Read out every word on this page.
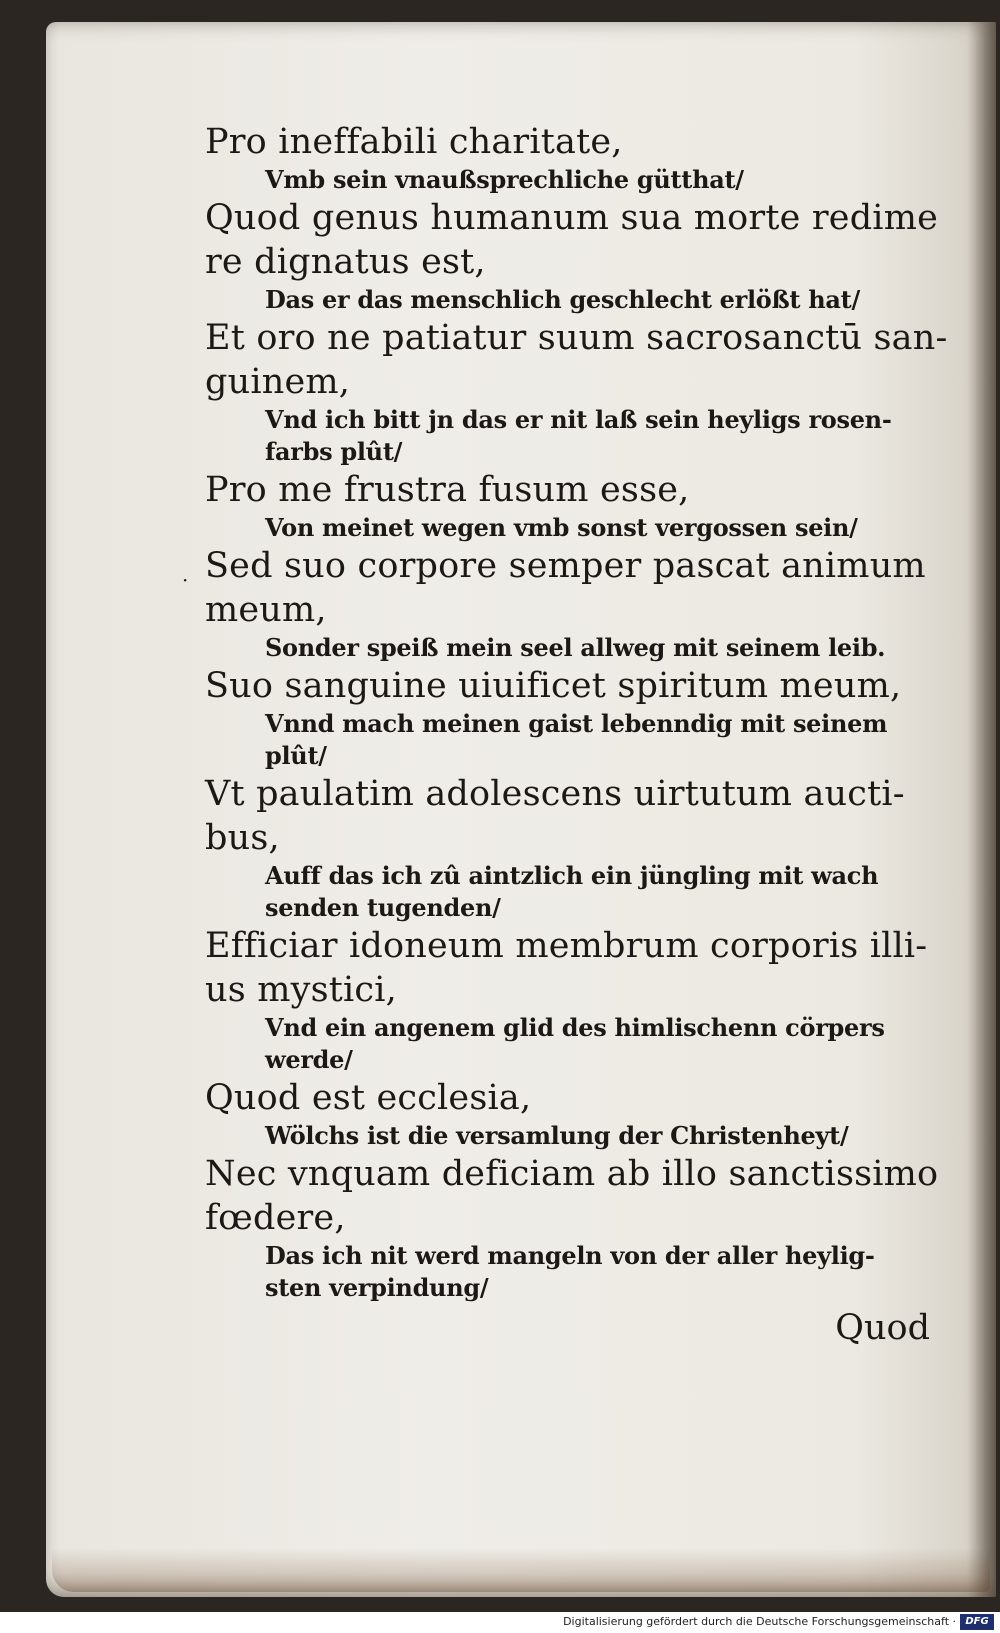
·

Pro ineffabili charitate,

Vmb sein vnaußsprechliche gütthat/

Quod genus humanum sua morte redime

re dignatus est,

Das er das menschlich geschlecht erlößt hat/

Et oro ne patiatur suum sacrosanctū san-

guinem,

Vnd ich bitt jn das er nit laß sein heyligs rosen-

farbs plût/

Pro me frustra fusum esse,

Von meinet wegen vmb sonst vergossen sein/

Sed suo corpore semper pascat animum

meum,

Sonder speiß mein seel allweg mit seinem leib.

Suo sanguine uiuificet spiritum meum,

Vnnd mach meinen gaist lebenndig mit seinem

plût/

Vt paulatim adolescens uirtutum aucti-

bus,

Auff das ich zû aintzlich ein jüngling mit wach

senden tugenden/

Efficiar idoneum membrum corporis illi-

us mystici,

Vnd ein angenem glid des himlischenn cörpers

werde/

Quod est ecclesia,

Wölchs ist die versamlung der Christenheyt/

Nec vnquam deficiam ab illo sanctissimo

fœdere,

Das ich nit werd mangeln von der aller heylig-

sten verpindung/

Quod
Digitalisierung gefördert durch die Deutsche Forschungsgemeinschaft · DFG
